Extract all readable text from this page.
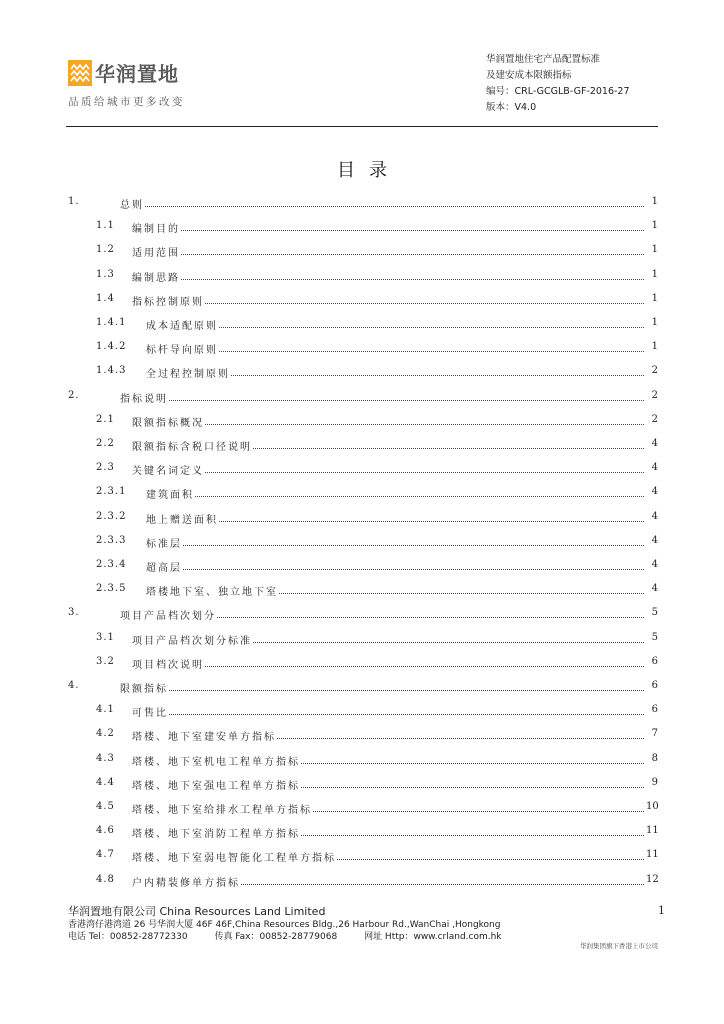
华润置地
品质给城市更多改变
华润置地住宅产品配置标准
及建安成本限额指标
编号：CRL-GCGLB-GF-2016-27
版本：V4.0
目录
1.	总则	1
1.1 编制目的	1
1.2 适用范围	1
1.3 编制思路	1
1.4 指标控制原则	1
1.4.1 成本适配原则	1
1.4.2 标杆导向原则	1
1.4.3 全过程控制原则	2
2.	指标说明	2
2.1 限额指标概况	2
2.2 限额指标含税口径说明	4
2.3 关键名词定义	4
2.3.1 建筑面积	4
2.3.2 地上赠送面积	4
2.3.3 标准层	4
2.3.4 超高层	4
2.3.5 塔楼地下室、独立地下室	4
3.	项目产品档次划分	5
3.1 项目产品档次划分标准	5
3.2 项目档次说明	6
4.	限额指标	6
4.1 可售比	6
4.2 塔楼、地下室建安单方指标	7
4.3 塔楼、地下室机电工程单方指标	8
4.4 塔楼、地下室强电工程单方指标	9
4.5 塔楼、地下室给排水工程单方指标	10
4.6 塔楼、地下室消防工程单方指标	11
4.7 塔楼、地下室弱电智能化工程单方指标	11
4.8 户内精装修单方指标	12
华润置地有限公司 China Resources Land Limited
香港湾仔港湾道 26 号华润大厦 46F 46F,China Resources Bldg.,26 Harbour Rd.,WanChai ,Hongkong
电话 Tel：00852-28772330	传真 Fax：00852-28779068	网址 Http：www.crland.com.hk
1
华润集团旗下香港上市公司
